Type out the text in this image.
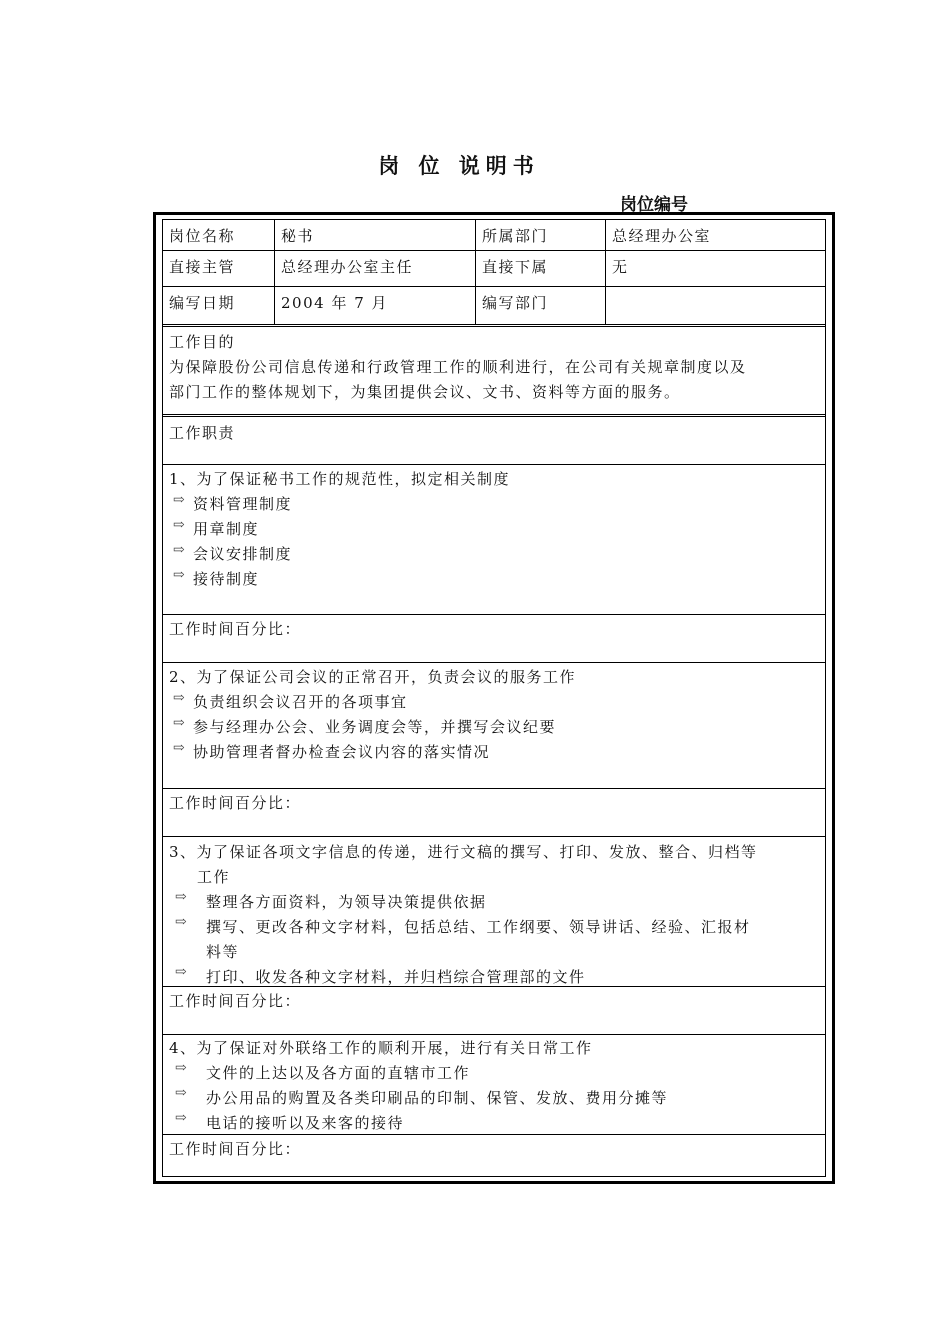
岗 位 说明书
岗位编号
岗位名称	秘书	所属部门	总经理办公室
直接主管	总经理办公室主任	直接下属	无
编写日期	2004 年 7 月	编写部门
工作目的
为保障股份公司信息传递和行政管理工作的顺利进行，在公司有关规章制度以及
部门工作的整体规划下，为集团提供会议、文书、资料等方面的服务。
工作职责
1、为了保证秘书工作的规范性，拟定相关制度
⇨ 资料管理制度
⇨ 用章制度
⇨ 会议安排制度
⇨ 接待制度
工作时间百分比：
2、为了保证公司会议的正常召开，负责会议的服务工作
⇨ 负责组织会议召开的各项事宜
⇨ 参与经理办公会、业务调度会等，并撰写会议纪要
⇨ 协助管理者督办检查会议内容的落实情况
工作时间百分比：
3、为了保证各项文字信息的传递，进行文稿的撰写、打印、发放、整合、归档等
工作
⇨ 整理各方面资料，为领导决策提供依据
⇨ 撰写、更改各种文字材料，包括总结、工作纲要、领导讲话、经验、汇报材
料等
⇨ 打印、收发各种文字材料，并归档综合管理部的文件
工作时间百分比：
4、为了保证对外联络工作的顺利开展，进行有关日常工作
⇨ 文件的上达以及各方面的直辖市工作
⇨ 办公用品的购置及各类印刷品的印制、保管、发放、费用分摊等
⇨ 电话的接听以及来客的接待
工作时间百分比：
